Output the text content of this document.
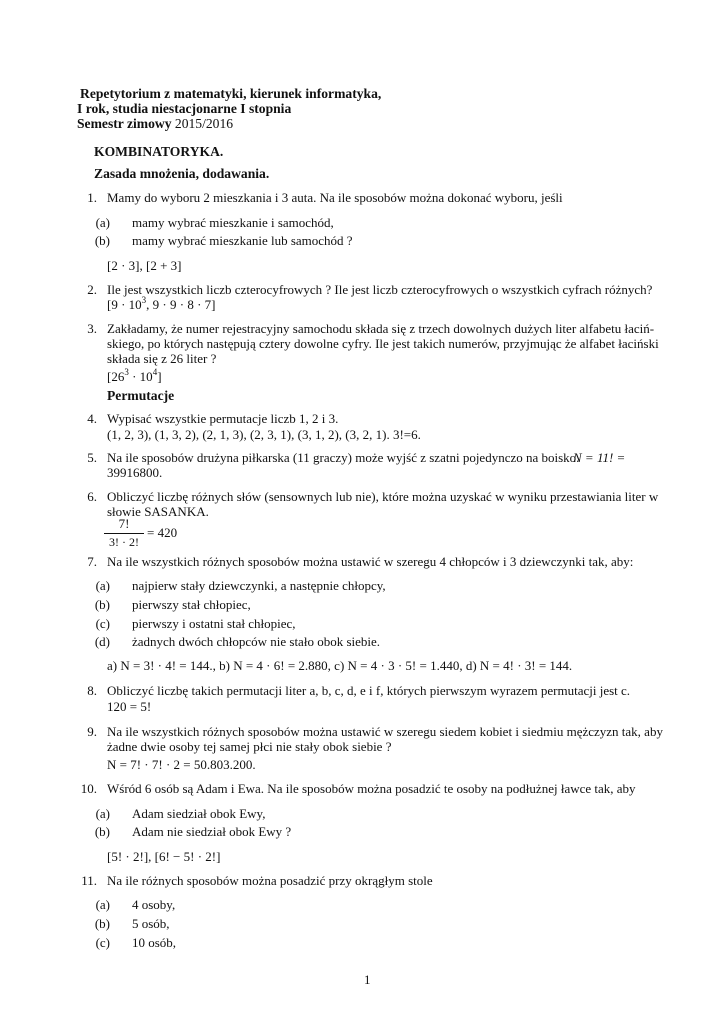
Repetytorium z matematyki, kierunek informatyka,
I rok, studia niestacjonarne I stopnia
Semestr zimowy 2015/2016
KOMBINATORYKA.
Zasada mnożenia, dodawania.
1. Mamy do wyboru 2 mieszkania i 3 auta. Na ile sposobów można dokonać wyboru, jeśli
(a) mamy wybrać mieszkanie i samochód,
(b) mamy wybrać mieszkanie lub samochód ?
[2 · 3], [2 + 3]
2. Ile jest wszystkich liczb czterocyfrowych ? Ile jest liczb czterocyfrowych o wszystkich cyfrach różnych?
[$9 \cdot 10^3$, 9 · 9 · 8 · 7]
3. Zakładamy, że numer rejestracyjny samochodu składa się z trzech dowolnych dużych liter alfabetu łaciń-
skiego, po których następują cztery dowolne cyfry. Ile jest takich numerów, przyjmując że alfabet łaciński
składa się z 26 liter ?
$[26^3 \cdot 10^4]$
Permutacje
4. Wypisać wszystkie permutacje liczb 1, 2 i 3.
(1, 2, 3), (1, 3, 2), (2, 1, 3), (2, 3, 1), (3, 1, 2), (3, 2, 1). 3!=6.
5. Na ile sposobów drużyna piłkarska (11 graczy) może wyjść z szatni pojedynczo na boisko.
N = 11! =
39916800.
6. Obliczyć liczbę różnych słów (sensownych lub nie), które można uzyskać w wyniku przestawiania liter w
słowie SASANKA.
7!
3! · 2!
= 420
7. Na ile wszystkich różnych sposobów można ustawić w szeregu 4 chłopców i 3 dziewczynki tak, aby:
(a) najpierw stały dziewczynki, a następnie chłopcy,
(b) pierwszy stał chłopiec,
(c) pierwszy i ostatni stał chłopiec,
(d) żadnych dwóch chłopców nie stało obok siebie.
a) N = 3! · 4! = 144., b) N = 4 · 6! = 2.880, c) N = 4 · 3 · 5! = 1.440, d) N = 4! · 3! = 144.
8. Obliczyć liczbę takich permutacji liter a, b, c, d, e i f, których pierwszym wyrazem permutacji jest c.
120 = 5!
9. Na ile wszystkich różnych sposobów można ustawić w szeregu siedem kobiet i siedmiu mężczyzn tak, aby
żadne dwie osoby tej samej płci nie stały obok siebie ?
N = 7! · 7! · 2 = 50.803.200.
10. Wśród 6 osób są Adam i Ewa. Na ile sposobów można posadzić te osoby na podłużnej ławce tak, aby
(a) Adam siedział obok Ewy,
(b) Adam nie siedział obok Ewy ?
[5! · 2!], [6! − 5! · 2!]
11. Na ile różnych sposobów można posadzić przy okrągłym stole
(a) 4 osoby,
(b) 5 osób,
(c) 10 osób,
1
